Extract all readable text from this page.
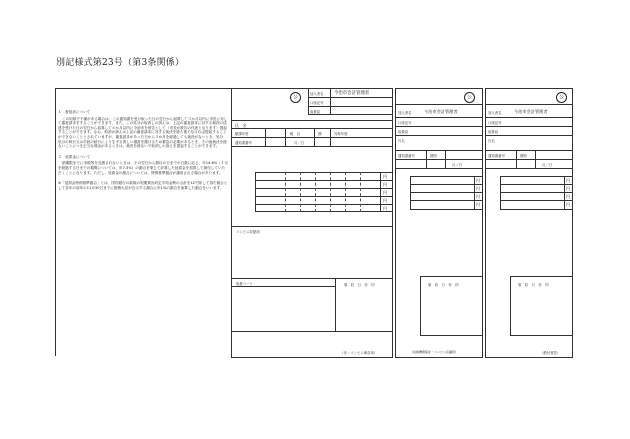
別記様式第23号（第3条関係）
１　督促状について
この用紙で不備がある場合は、この通知書を受け取った日の翌日から起算して３か月以内に市長に対して審査請求をすることができます。また、この処分の取消しの訴えは、上記の審査請求に対する裁決の送達を受けた日の翌日から起算して６か月以内に今治市を被告として（市長が被告の代表となります）提起することができます。なお、取消の訴えは上記の審査請求に対する裁決を経た後でなければ提起することができないこととされていますが、審査請求があった日から３か月を経過しても裁決がないとき、処分、処分の執行又は手続の続行により生ずる著しい損害を避けるため緊急の必要があるとき、その他裁決を経ないことにつき正当な理由があるときは、裁決を経ないで取消しの訴えを提起することができます。
２　延滞金について
納期限までに市税等を完納されないときは、その翌日から納付の日までの日数に応じ、年14.6%（１月を経過する日までの期間については、年7.3%）の割合を乗じて計算した延滞金を加算して納付していただくことになります。ただし、延滞金の割合については、特例基準割合が適用される場合があります。
※「延滞金特例基準割合」とは、国内銀行の新規の短期貸出約定平均金利の合計を12で除して得た割合として各年の前年の11月30日までに財務大臣が告示する割合に年1%の割合を加算した割合をいいます。
公
加入者名 今治市会計管理者
口座記号
取扱局
氏　名
賦課年度	税　目	期	対象年度
通知書番号	月／日
円
円
円
円
円
コンビニ収納用
取扱コード	領　収　日　付　印
（市・コンビニ保存用）
公
加入者名	今治市会計管理者
口座記号
取扱局
氏名
通知書番号	期別
月／日
円
円
円
円
領　収　日　付　印
（収納機関保存・コンビニ店舗用）
公
加入者名	今治市会計管理者
口座記号
取扱局
氏名
通知書番号	期別
月／日
円
円
円
円
領　収　日　付　印
（納付者控）
